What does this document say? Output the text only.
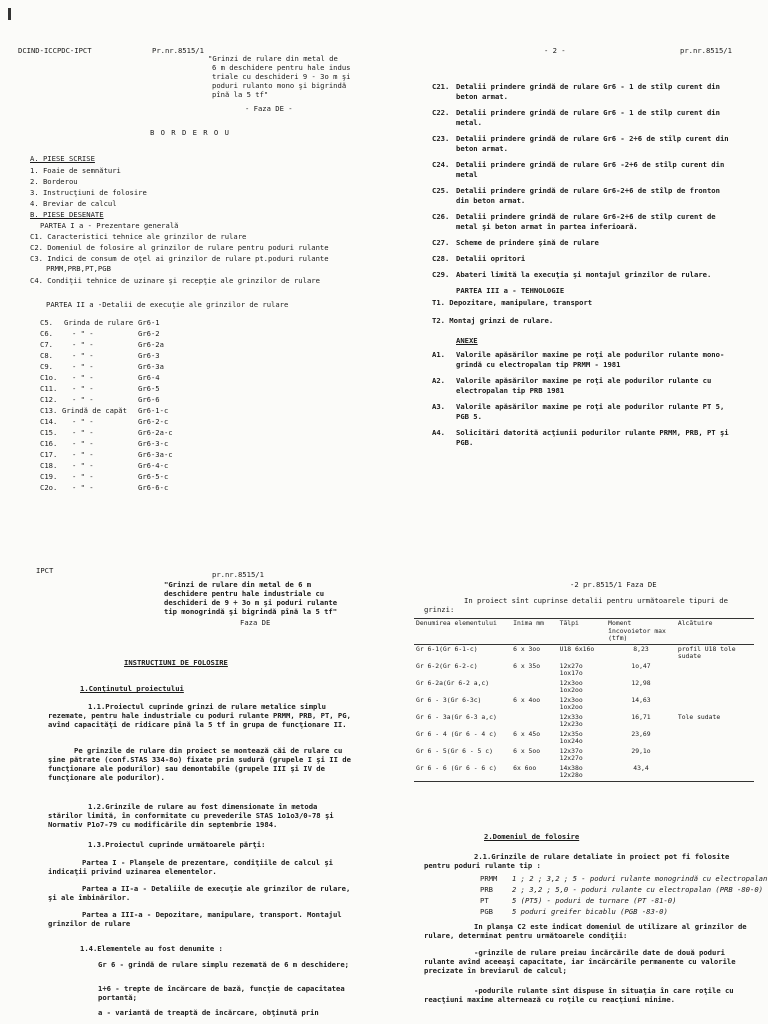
DCIND-ICCPDC-IPCT	Pr.nr.8515/1
"Grinzi de rulare din metal de
6 m deschidere pentru hale indus
triale cu deschideri 9 - 3o m şi
poduri rulanto mono şi bigrindă
pînă la 5 tf"
- Faza DE -
B O R D E R O U
A. PIESE SCRISE
1. Foaie de semnături
2. Borderou
3. Instrucţiuni de folosire
4. Breviar de calcul
B. PIESE DESENATE
PARTEA I a - Prezentare generală
C1. Caracteristici tehnice ale grinzilor de rulare
C2. Domeniul de folosire al grinzilor de rulare pentru poduri rulante
C3. Indici de consum de oţel ai grinzilor de rulare pt.poduri rulante
PRMM,PRB,PT,PGB
C4. Condiţii tehnice de uzinare şi recepţie ale grinzilor de rulare
PARTEA II a -Detalii de execuţie ale grinzilor de rulare
C5. Grinda de rulare Gr6-1
C6.	- " -	Gr6-2
C7.	- " -	Gr6-2a
C8.	- " -	Gr6-3
C9.	- " -	Gr6-3a
C1o. - " -	Gr6-4
C11. - " -	Gr6-5
C12. - " -	Gr6-6
C13. Grindă de capăt Gr6-1-c
C14. - " -	Gr6-2-c
C15. - " -	Gr6-2a-c
C16. - " -	Gr6-3-c
C17. - " -	Gr6-3a-c
C18. - " -	Gr6-4-c
C19. - " -	Gr6-5-c
C2o. - " -	Gr6-6-c
- 2 -	pr.nr.8515/1
C21. Detalii prindere grindă de rulare Gr6 - 1 de stîlp curent din
beton armat.
C22. Detalii prindere grindă de rulare Gr6 - 1 de stîlp curent din
metal.
C23. Detalii prindere grindă de rulare Gr6 - 2÷6 de stîlp curent din
beton armat.
C24. Detalii prindere grindă de rulare Gr6 -2÷6 de stîlp curent din
metal
C25. Detalii prindere grindă de rulare Gr6-2÷6 de stîlp de fronton
din beton armat.
C26. Detalii prindere grindă de rulare Gr6-2÷6 de stîlp curent de
metal şi beton armat în partea inferioară.
C27. Scheme de prindere şină de rulare
C28. Detalii opritori
C29. Abateri limită la execuţia şi montajul grinzilor de rulare.
PARTEA III a - TEHNOLOGIE
T1. Depozitare, manipulare, transport
T2. Montaj grinzi de rulare.
ANEXE
A1. Valorile apăsărilor maxime pe roţi ale podurilor rulante mono-
grindă cu electropalan tip PRMM - 1981
A2. Valorile apăsărilor maxime pe roţi ale podurilor rulante cu
electropalan tip PRB 1981
A3. Valorile apăsărilor maxime pe roţi ale podurilor rulante PT 5,
PGB 5.
A4. Solicitări datorită acţiunii podurilor rulante PRMM, PRB, PT şi
PGB.
IPCT	pr.nr.8515/1
"Grinzi de rulare din metal de 6 m
deschidere pentru hale industriale cu
deschideri de 9 ÷ 3o m şi poduri rulante
tip monogrindă şi bigrindă pînă la 5 tf"
Faza DE
INSTRUCŢIUNI DE FOLOSIRE
1.Conţinutul proiectului
1.1.Proiectul cuprinde grinzi de rulare metalice simplu rezemate, pentru hale industriale cu poduri rulante PRMM, PRB, PT, PG, avînd capacităţi de ridicare pînă la 5 tf în grupa de funcţionare II.
Pe grinzile de rulare din proiect se montează căi de rulare cu şine pătrate (conf.STAS 334-8o) fixate prin sudură (grupele I şi II de funcţionare ale podurilor) sau demontabile (grupele III şi IV de funcţionare ale podurilor).
1.2.Grinzile de rulare au fost dimensionate în metoda stărilor limită, în conformitate cu prevederile STAS 1o1o3/0-78 şi Normativ P1o7-79 cu modificările din septembrie 1984.
1.3.Proiectul cuprinde următoarele părţi:
Partea I - Planşele de prezentare, condiţiile de calcul şi indicaţii privind uzinarea elementelor.
Partea a II-a - Detaliile de execuţie ale grinzilor de rulare, şi ale îmbinărilor.
Partea a III-a - Depozitare, manipulare, transport. Montajul grinzilor de rulare
1.4.Elementele au fost denumite :
Gr 6 - grindă de rulare simplu rezemată de 6 m deschidere;
1÷6 - trepte de încărcare de bază, funcţie de capacitatea portantă;
a - variantă de treaptă de încărcare, obţinută prin
-2 pr.8515/1 Faza DE
In proiect sînt cuprinse detalii pentru următoarele tipuri de grinzi:
Denumirea elementului	Inima mm	Tălpi	Moment încovoietor max (tfm)	Alcătuire
Gr 6-1(Gr 6-1-c)	6 x 3oo	U18 6x16o	8,23	profil U18 tole sudate
Gr 6-2(Gr 6-2-c)	6 x 35o	12x27o 1ox17o	1o,47	
Gr 6-2a(Gr 6-2 a,c)		12x3oo 1ox2oo	12,98	
Gr 6 - 3(Gr 6-3c)	6 x 4oo	12x3oo 1ox2oo	14,63	
Gr 6 - 3a(Gr 6-3 a,c)		12x33o 12x23o	16,71	Tole sudate
Gr 6 - 4 (Gr 6 - 4 c)	6 x 45o	12x35o 1ox24o	23,69	
Gr 6 - 5(Gr 6 - 5 c)	6 x 5oo	12x37o 12x27o	29,1o	
Gr 6 - 6 (Gr 6 - 6 c)	6x 6oo	14x38o 12x28o	43,4	
2.Domeniul de folosire
2.1.Grinzile de rulare detaliate în proiect pot fi folosite pentru poduri rulante tip :
PRMM 1 ; 2 ; 3,2 ; 5 - poduri rulante monogrindă cu electropalan
PRB	2 ; 3,2 ; 5,0 - poduri rulante cu electropalan (PRB -80-0)
PT	5 (PT5) - poduri de turnare (PT -81-0)
PGB	5 poduri greifer bicablu (PGB -83-0)
In planşa C2 este indicat domeniul de utilizare al grinzilor de rulare, determinat pentru următoarele condiţii:
-grinzile de rulare preiau încărcările date de două poduri rulante avînd aceeaşi capacitate, iar încărcările permanente cu valorile precizate în breviarul de calcul;
-podurile rulante sînt dispuse în situaţia în care roţile cu reacţiuni maxime alternează cu roţile cu reacţiuni minime.
